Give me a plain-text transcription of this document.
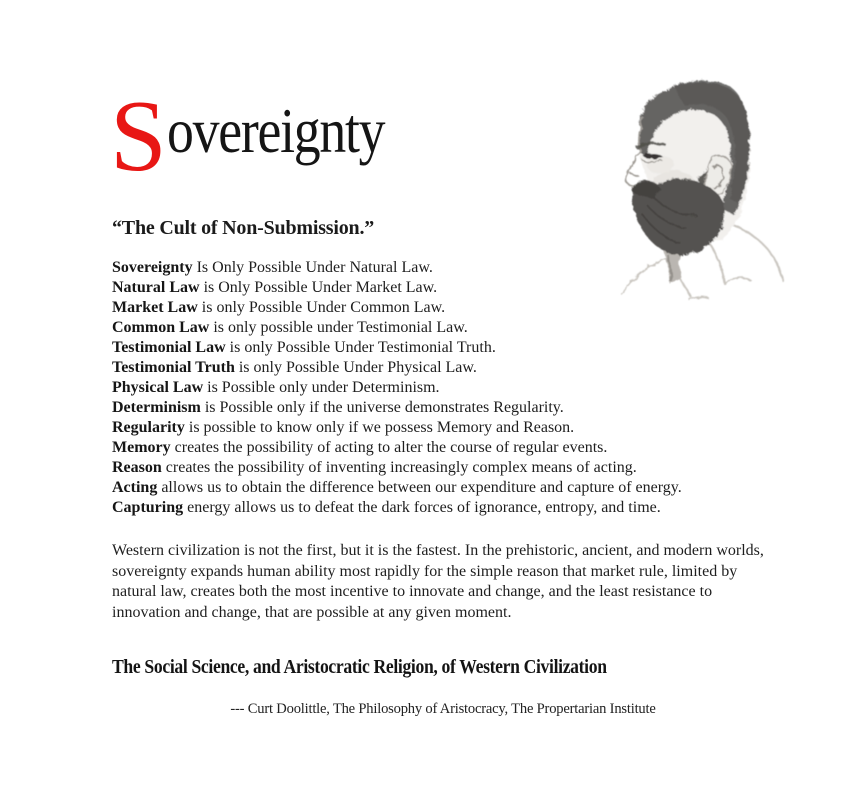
S overeignty
“The Cult of Non-Submission.”
Sovereignty Is Only Possible Under Natural Law.
Natural Law is Only Possible Under Market Law.
Market Law is only Possible Under Common Law.
Common Law is only possible under Testimonial Law.
Testimonial Law is only Possible Under Testimonial Truth.
Testimonial Truth is only Possible Under Physical Law.
Physical Law is Possible only under Determinism.
Determinism is Possible only if the universe demonstrates Regularity.
Regularity is possible to know only if we possess Memory and Reason.
Memory creates the possibility of acting to alter the course of regular events.
Reason creates the possibility of inventing increasingly complex means of acting.
Acting allows us to obtain the difference between our expenditure and capture of energy.
Capturing energy allows us to defeat the dark forces of ignorance, entropy, and time.

Western civilization is not the first, but it is the fastest. In the prehistoric, ancient, and modern worlds, sovereignty expands human ability most rapidly for the simple reason that market rule, limited by natural law, creates both the most incentive to innovate and change, and the least resistance to innovation and change, that are possible at any given moment.

The Social Science, and Aristocratic Religion, of Western Civilization

--- Curt Doolittle, The Philosophy of Aristocracy, The Propertarian Institute
